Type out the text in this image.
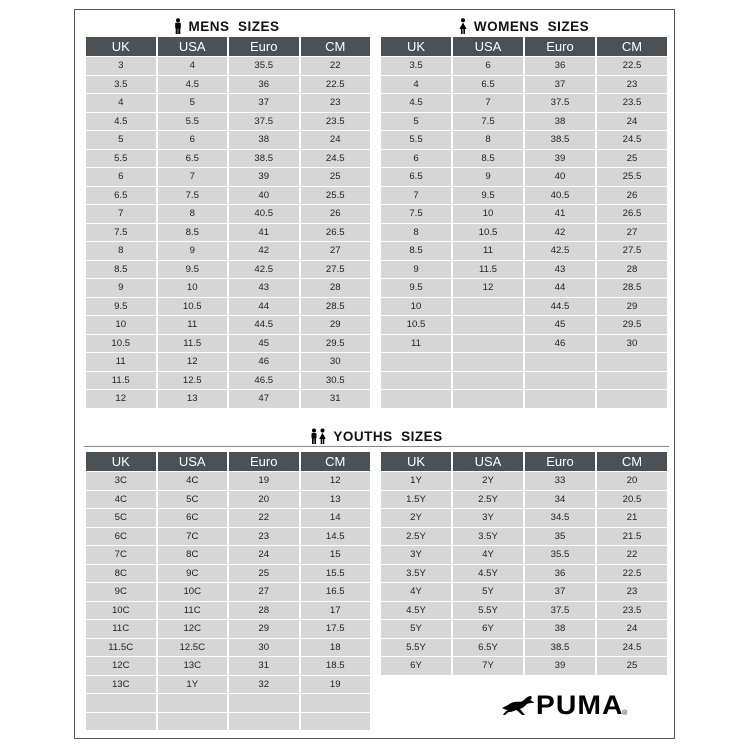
MENS  SIZES	WOMENS  SIZES
UK	USA	Euro	CM
3	4	35.5	22
3.5	4.5	36	22.5
4	5	37	23
4.5	5.5	37.5	23.5
5	6	38	24
5.5	6.5	38.5	24.5
6	7	39	25
6.5	7.5	40	25.5
7	8	40.5	26
7.5	8.5	41	26.5
8	9	42	27
8.5	9.5	42.5	27.5
9	10	43	28
9.5	10.5	44	28.5
10	11	44.5	29
10.5	11.5	45	29.5
11	12	46	30
11.5	12.5	46.5	30.5
12	13	47	31
UK	USA	Euro	CM
3.5	6	36	22.5
4	6.5	37	23
4.5	7	37.5	23.5
5	7.5	38	24
5.5	8	38.5	24.5
6	8.5	39	25
6.5	9	40	25.5
7	9.5	40.5	26
7.5	10	41	26.5
8	10.5	42	27
8.5	11	42.5	27.5
9	11.5	43	28
9.5	12	44	28.5
10		44.5	29
10.5		45	29.5
11		46	30

YOUTHS  SIZES
UK	USA	Euro	CM
3C	4C	19	12
4C	5C	20	13
5C	6C	22	14
6C	7C	23	14.5
7C	8C	24	15
8C	9C	25	15.5
9C	10C	27	16.5
10C	11C	28	17
11C	12C	29	17.5
11.5C	12.5C	30	18
12C	13C	31	18.5
13C	1Y	32	19

UK	USA	Euro	CM
1Y	2Y	33	20
1.5Y	2.5Y	34	20.5
2Y	3Y	34.5	21
2.5Y	3.5Y	35	21.5
3Y	4Y	35.5	22
3.5Y	4.5Y	36	22.5
4Y	5Y	37	23
4.5Y	5.5Y	37.5	23.5
5Y	6Y	38	24
5.5Y	6.5Y	38.5	24.5
6Y	7Y	39	25
PUMA
®
